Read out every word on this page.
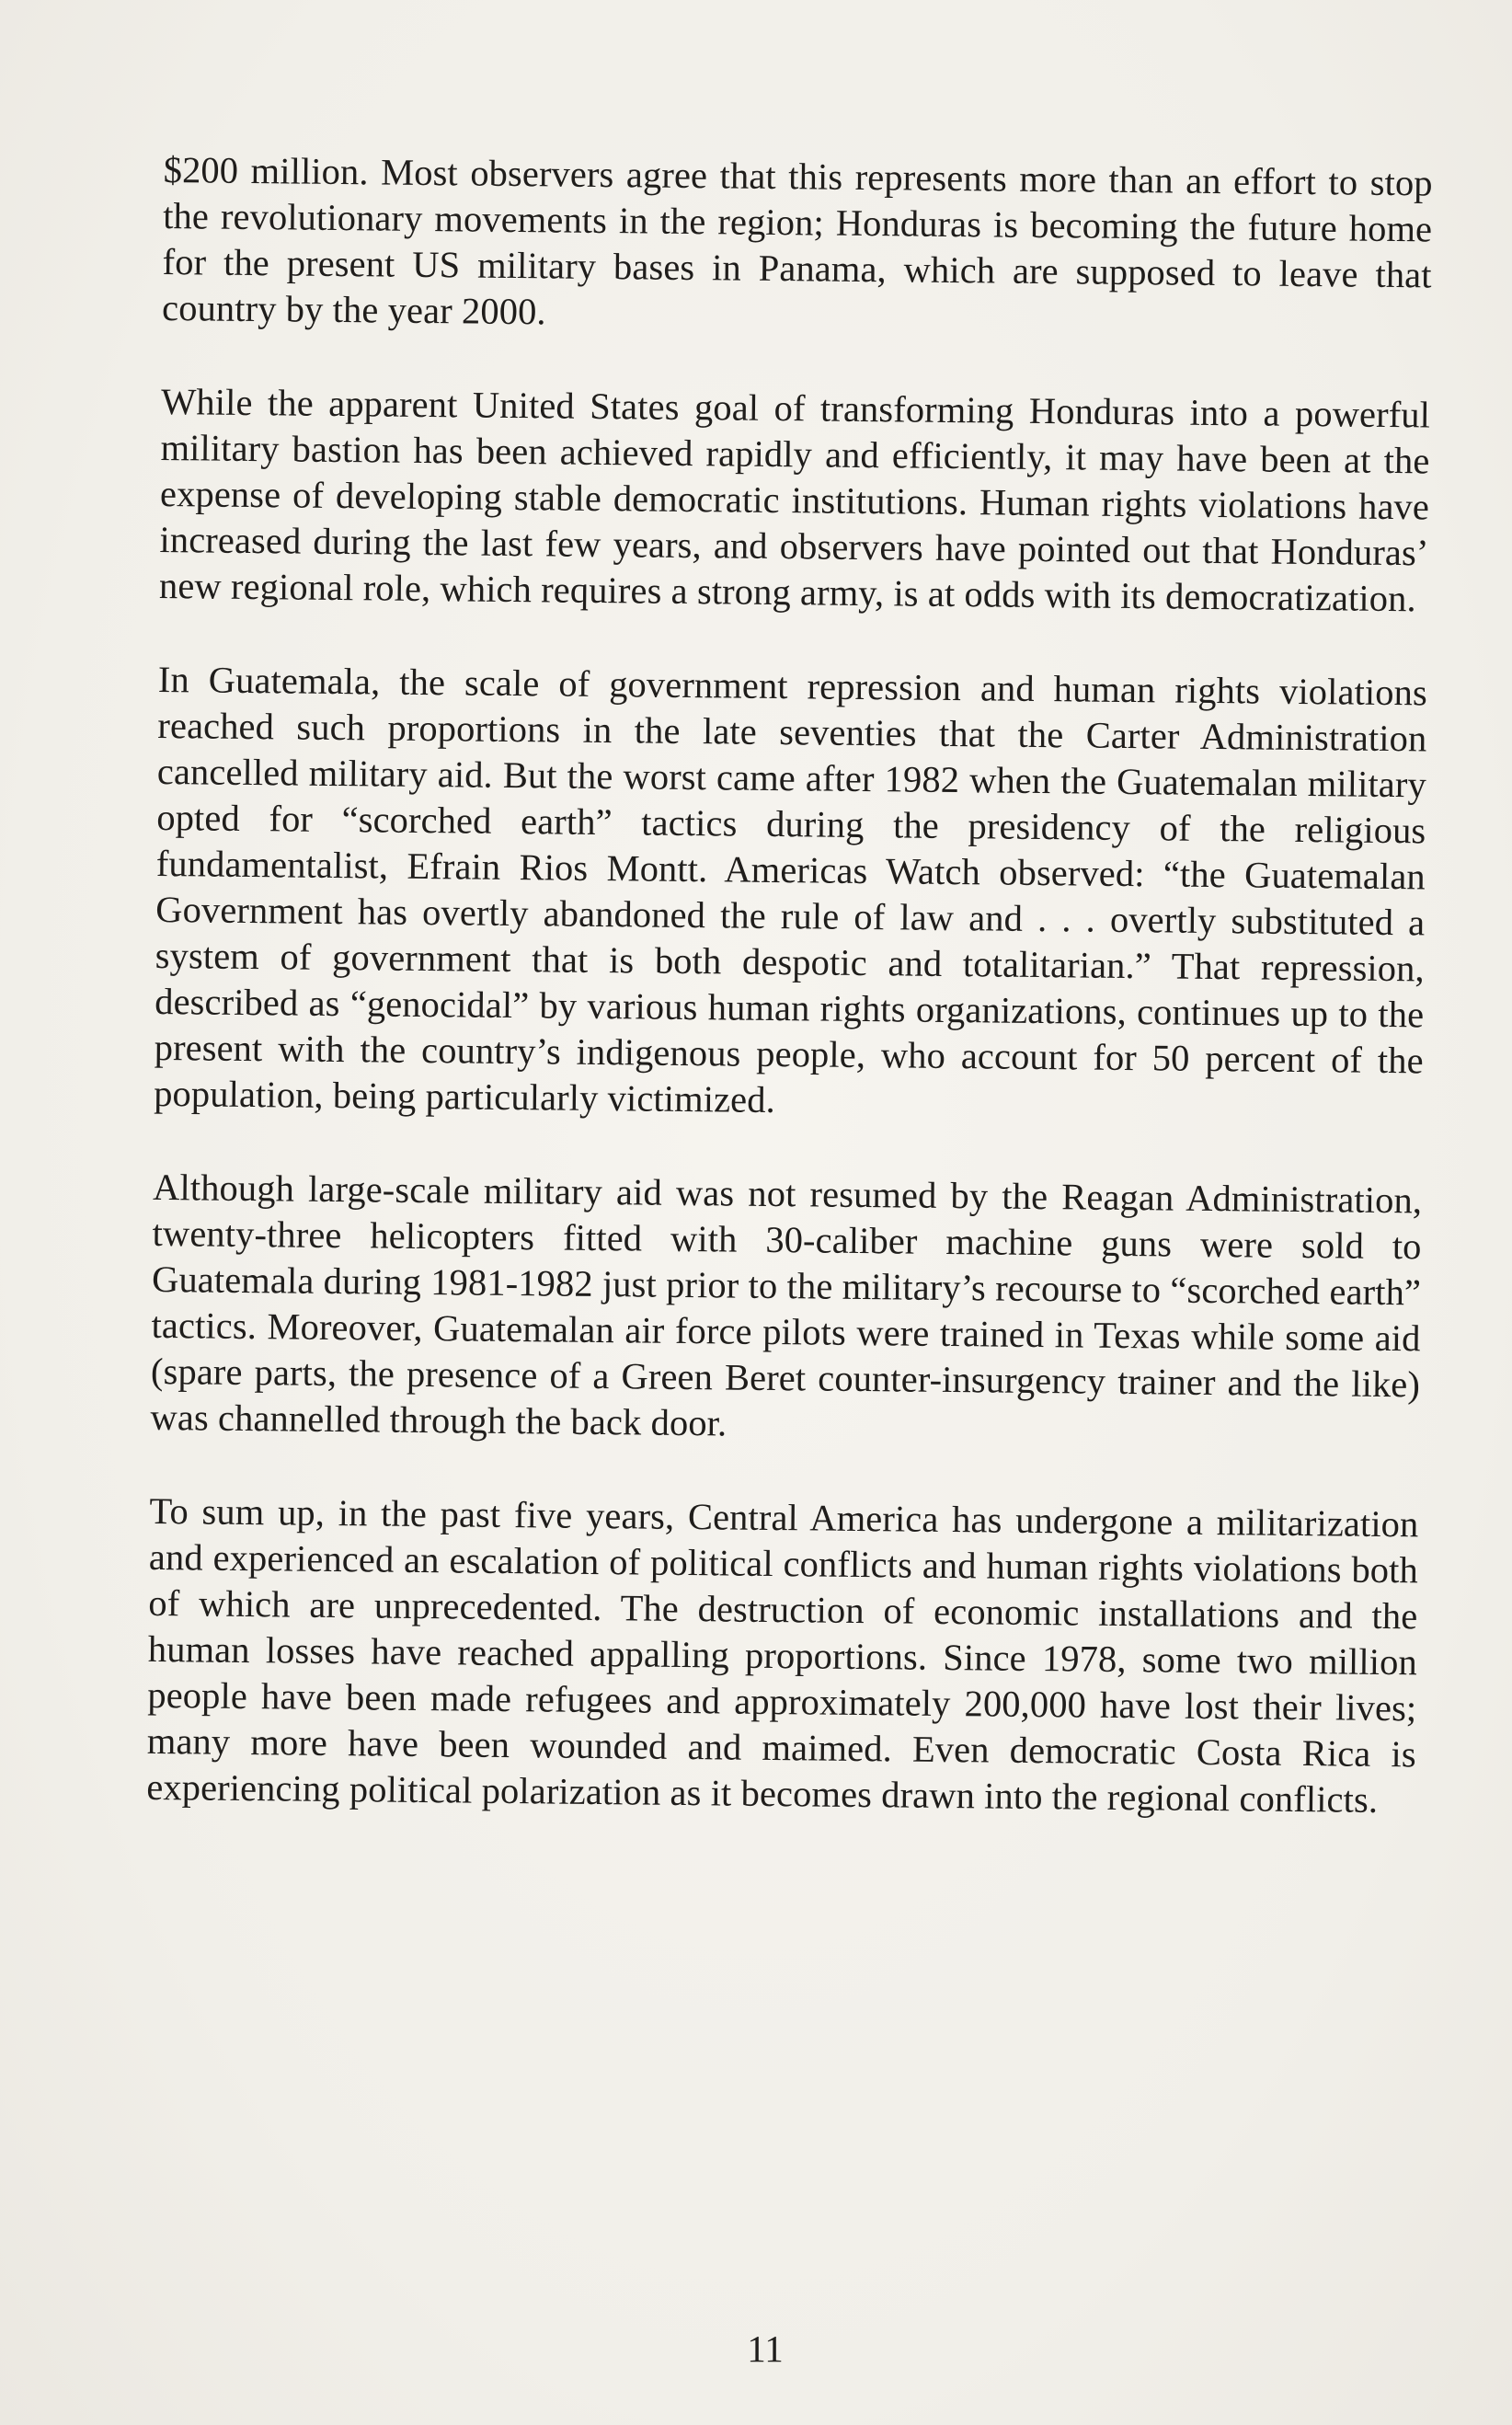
$200 million. Most observers agree that this represents more than an effort to stop the revolutionary movements in the region; Honduras is becoming the future home for the present US military bases in Panama, which are supposed to leave that country by the year 2000.

While the apparent United States goal of transforming Honduras into a powerful military bastion has been achieved rapidly and efficiently, it may have been at the expense of developing stable democratic institutions. Human rights violations have increased during the last few years, and observers have pointed out that Honduras’ new regional role, which requires a strong army, is at odds with its democratization.

In Guatemala, the scale of government repression and human rights violations reached such proportions in the late seventies that the Carter Administration cancelled military aid. But the worst came after 1982 when the Guatemalan military opted for “scorched earth” tactics during the presidency of the religious fundamentalist, Efrain Rios Montt. Americas Watch observed: “the Guatemalan Government has overtly abandoned the rule of law and . . . overtly substituted a system of government that is both despotic and totalitarian.” That repression, described as “genocidal” by various human rights organizations, continues up to the present with the country’s indigenous people, who account for 50 percent of the population, being particularly victimized.

Although large-scale military aid was not resumed by the Reagan Administration, twenty-three helicopters fitted with 30-caliber machine guns were sold to Guatemala during 1981-1982 just prior to the military’s recourse to “scorched earth” tactics. Moreover, Guatemalan air force pilots were trained in Texas while some aid (spare parts, the presence of a Green Beret counter-insurgency trainer and the like) was channelled through the back door.

To sum up, in the past five years, Central America has undergone a militarization and experienced an escalation of political conflicts and human rights violations both of which are unprecedented. The destruction of economic installations and the human losses have reached appalling proportions. Since 1978, some two million people have been made refugees and approximately 200,000 have lost their lives; many more have been wounded and maimed. Even democratic Costa Rica is experiencing political polarization as it becomes drawn into the regional conflicts.

11
